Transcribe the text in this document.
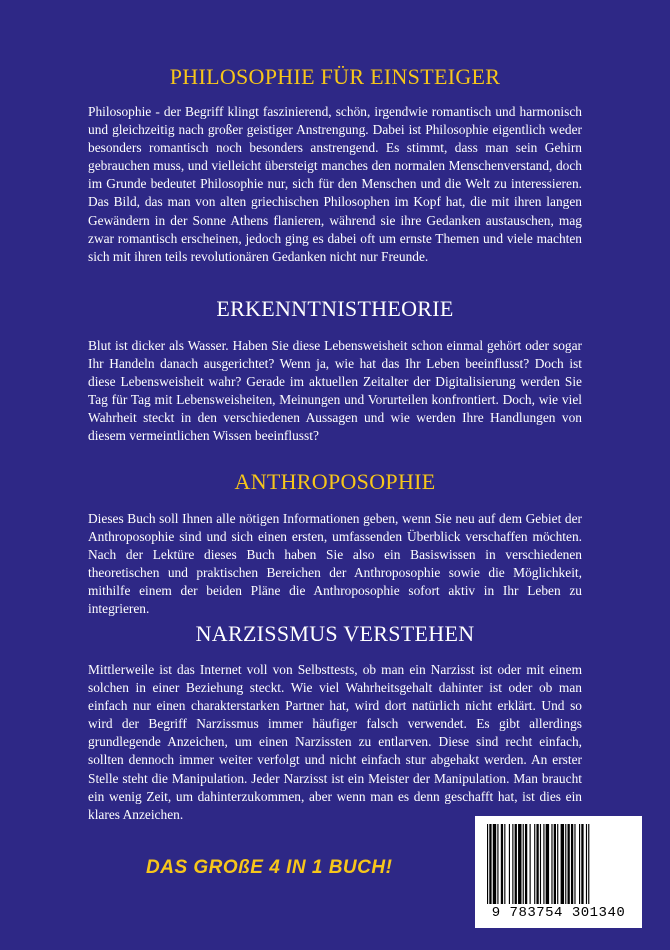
PHILOSOPHIE FÜR EINSTEIGER

Philosophie - der Begriff klingt faszinierend, schön, irgendwie romantisch und harmonisch und gleichzeitig nach großer geistiger Anstrengung. Dabei ist Philosophie eigentlich weder besonders romantisch noch besonders anstrengend. Es stimmt, dass man sein Gehirn gebrauchen muss, und vielleicht übersteigt manches den normalen Menschenverstand, doch im Grunde bedeutet Philosophie nur, sich für den Menschen und die Welt zu interessieren. Das Bild, das man von alten griechischen Philosophen im Kopf hat, die mit ihren langen Gewändern in der Sonne Athens flanieren, während sie ihre Gedanken austauschen, mag zwar romantisch erscheinen, jedoch ging es dabei oft um ernste Themen und viele machten sich mit ihren teils revolutionären Gedanken nicht nur Freunde.

ERKENNTNISTHEORIE

Blut ist dicker als Wasser. Haben Sie diese Lebensweisheit schon einmal gehört oder sogar Ihr Handeln danach ausgerichtet? Wenn ja, wie hat das Ihr Leben beeinflusst? Doch ist diese Lebensweisheit wahr? Gerade im aktuellen Zeitalter der Digitalisierung werden Sie Tag für Tag mit Lebensweisheiten, Meinungen und Vorurteilen konfrontiert. Doch, wie viel Wahrheit steckt in den verschiedenen Aussagen und wie werden Ihre Handlungen von diesem vermeintlichen Wissen beeinflusst?

ANTHROPOSOPHIE

Dieses Buch soll Ihnen alle nötigen Informationen geben, wenn Sie neu auf dem Gebiet der Anthroposophie sind und sich einen ersten, umfassenden Überblick verschaffen möchten. Nach der Lektüre dieses Buch haben Sie also ein Basiswissen in verschiedenen theoretischen und praktischen Bereichen der Anthroposophie sowie die Möglichkeit, mithilfe einem der beiden Pläne die Anthroposophie sofort aktiv in Ihr Leben zu integrieren.

NARZISSMUS VERSTEHEN

Mittlerweile ist das Internet voll von Selbsttests, ob man ein Narzisst ist oder mit einem solchen in einer Beziehung steckt. Wie viel Wahrheitsgehalt dahinter ist oder ob man einfach nur einen charakterstarken Partner hat, wird dort natürlich nicht erklärt. Und so wird der Begriff Narzissmus immer häufiger falsch verwendet. Es gibt allerdings grundlegende Anzeichen, um einen Narzissten zu entlarven. Diese sind recht einfach, sollten dennoch immer weiter verfolgt und nicht einfach stur abgehakt werden. An erster Stelle steht die Manipulation. Jeder Narzisst ist ein Meister der Manipulation. Man braucht ein wenig Zeit, um dahinterzukommen, aber wenn man es denn geschafft hat, ist dies ein klares Anzeichen.

DAS GROßE 4 IN 1 BUCH!

9 783754 301340
